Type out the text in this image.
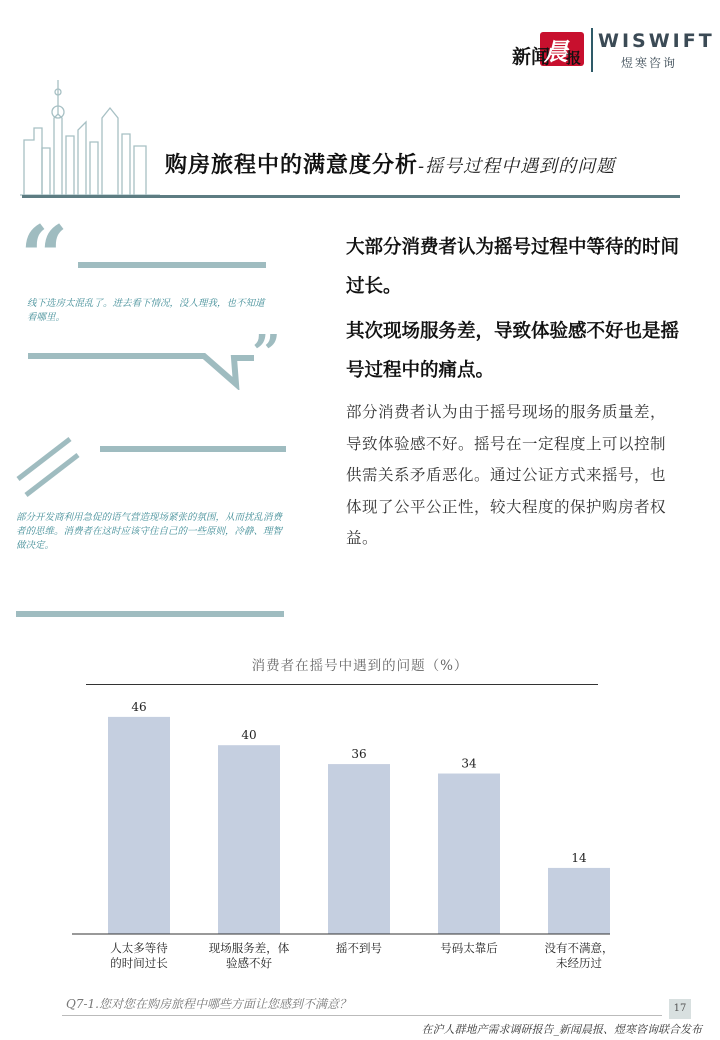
新闻
晨
报
WISWIFT
煜寒咨询
购房旅程中的满意度分析-摇号过程中遇到的问题
“
线下选房太混乱了。进去看下情况，没人理我，也不知道看哪里。
”
部分开发商利用急促的语气营造现场紧张的氛围，从而扰乱消费者的思维。消费者在这时应该守住自己的一些原则，冷静、理智做决定。
大部分消费者认为摇号过程中等待的时间过长。
其次现场服务差，导致体验感不好也是摇号过程中的痛点。
部分消费者认为由于摇号现场的服务质量差，导致体验感不好。摇号在一定程度上可以控制供需关系矛盾恶化。通过公证方式来摇号，也体现了公平公正性，较大程度的保护购房者权益。
消费者在摇号中遇到的问题（%）
46
人太多等待的时间过长
40
现场服务差，体验感不好
36
摇不到号
34
号码太靠后
14
没有不满意，未经历过
Q7-1.您对您在购房旅程中哪些方面让您感到不满意？	17
在沪人群地产需求调研报告_新闻晨报、煜寒咨询联合发布
